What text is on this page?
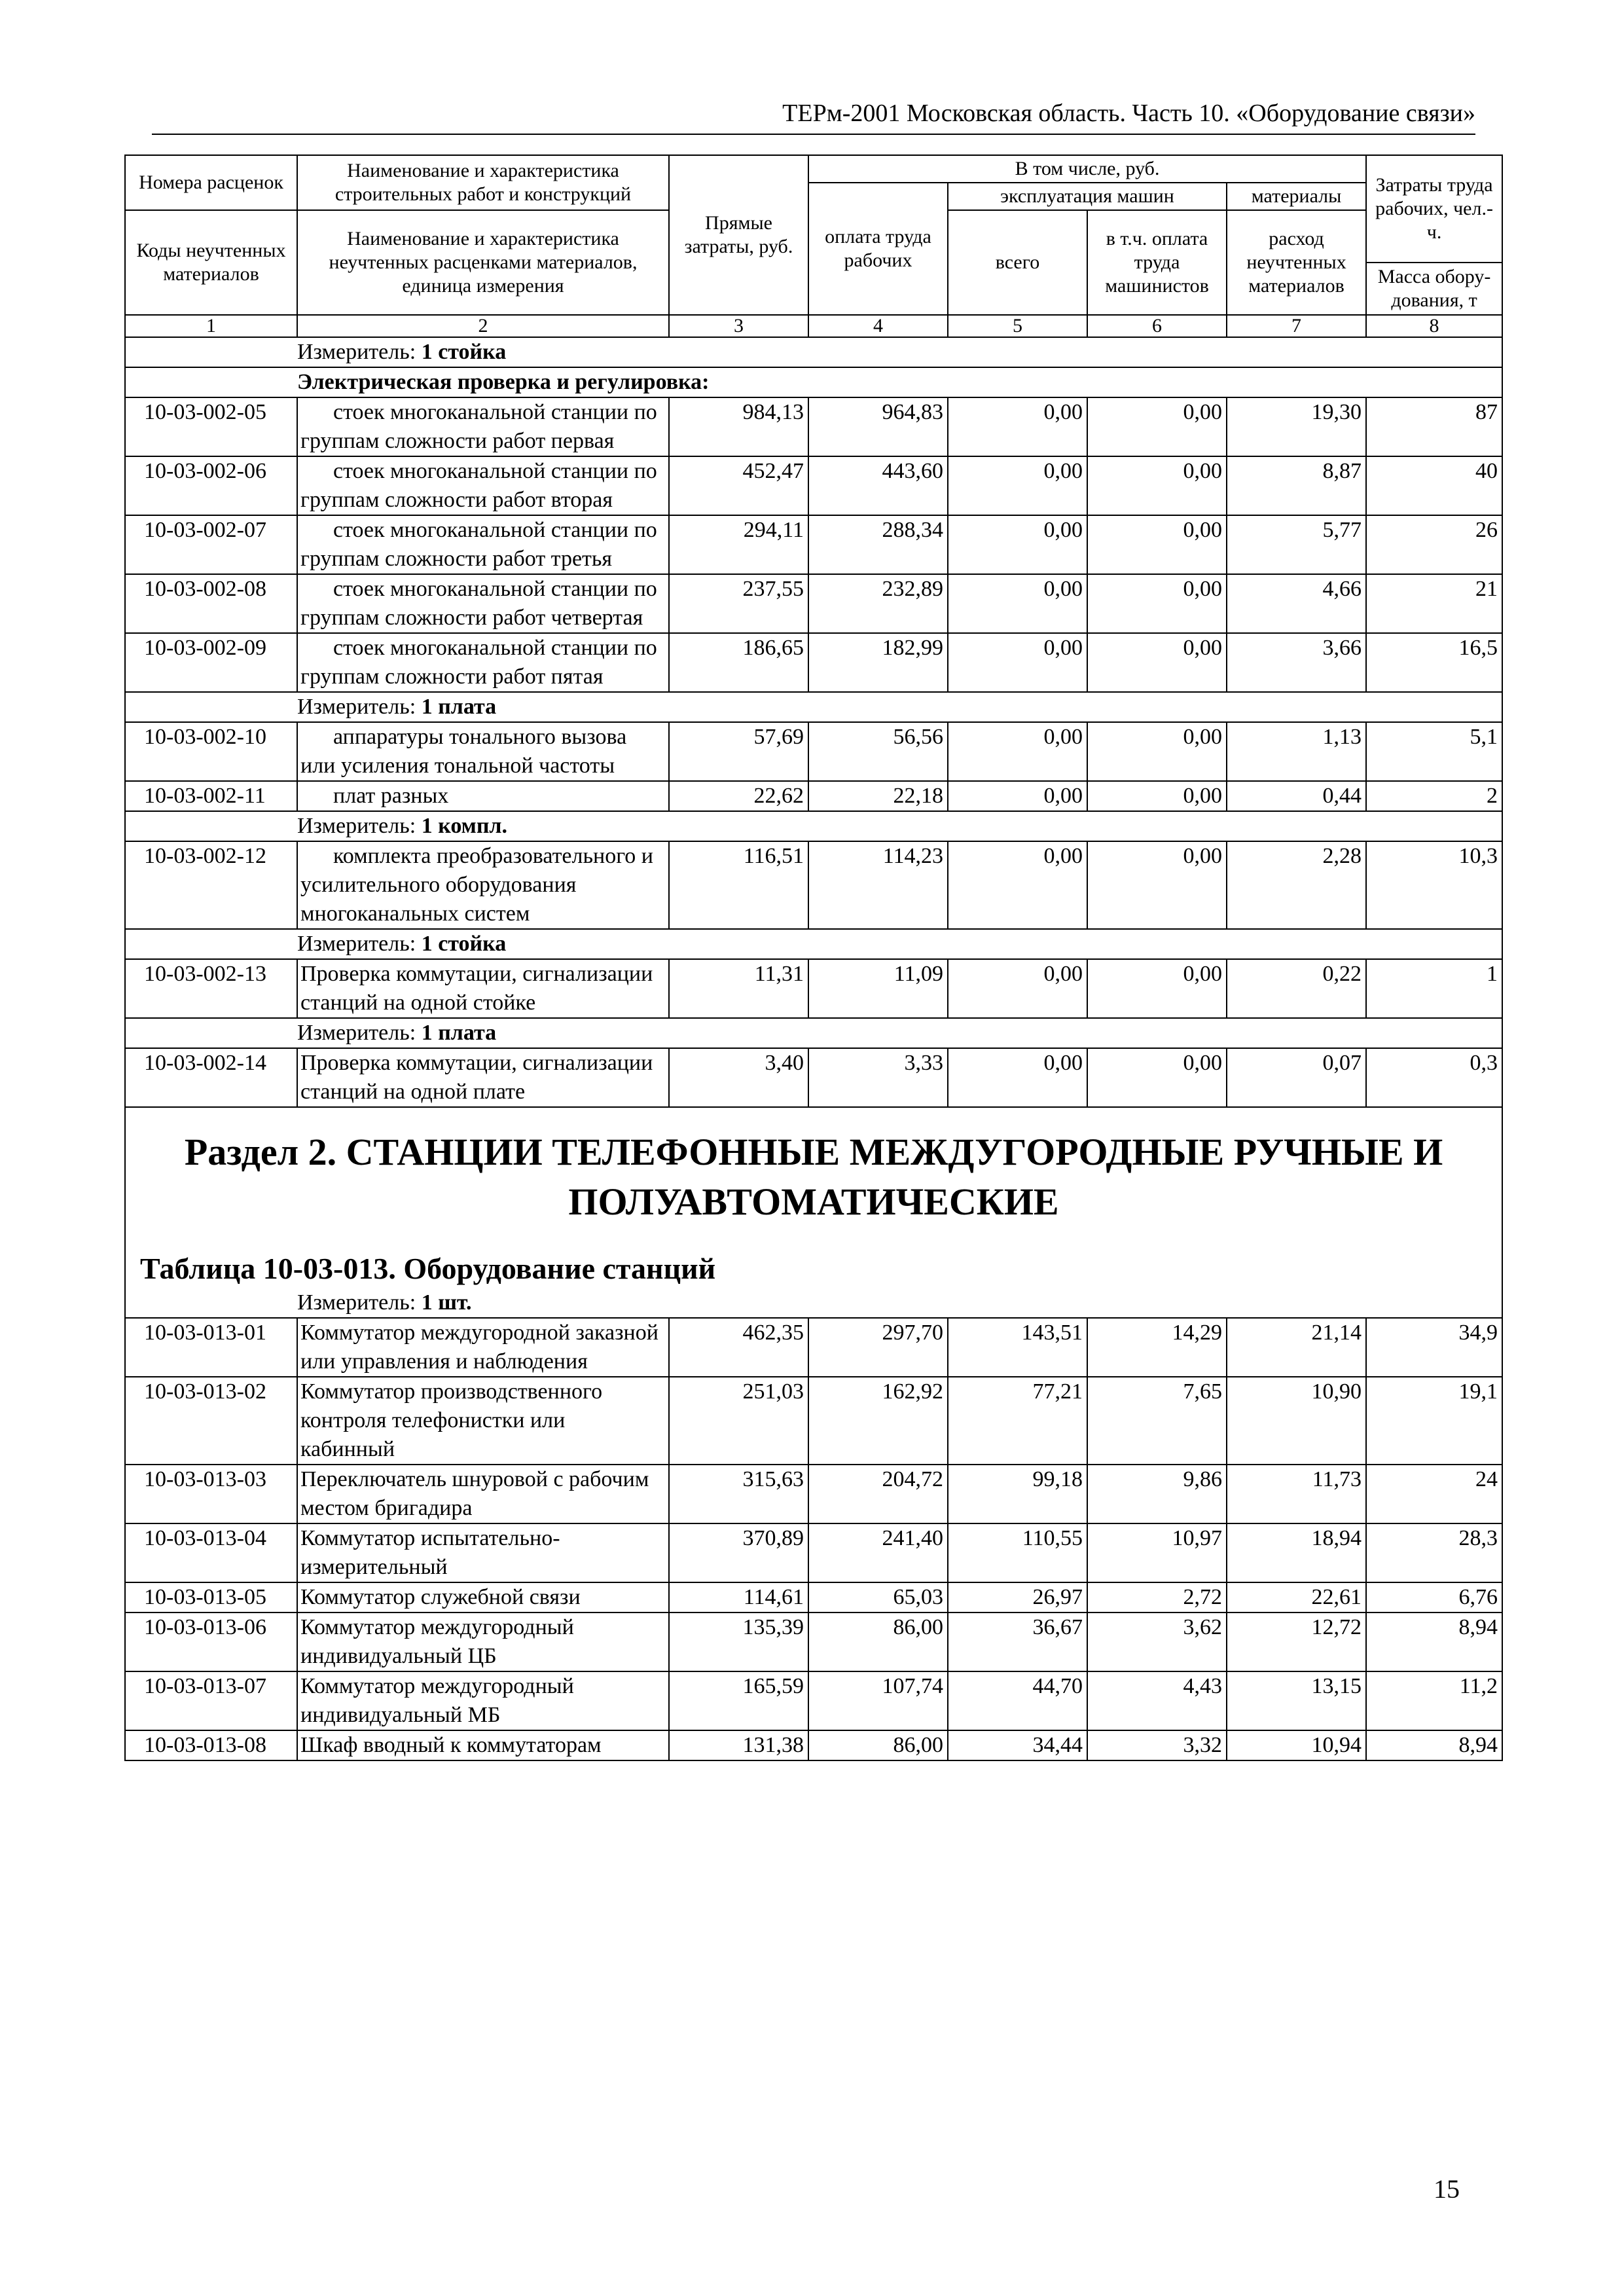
ТЕРм-2001 Московская область. Часть 10. «Оборудование связи»
Номера расценок	Наименование и характеристика строительных работ и конструкций	Прямые затраты, руб.	В том числе, руб.				Затраты труда рабочих, чел.-ч.
			оплата труда рабочих	эксплуатация машин		материалы	
Коды неучтенных материалов	Наименование и характеристика неучтенных расценками материалов, единица измерения			всего	в т.ч. оплата труда машинистов	расход неучтенных материалов	
							Масса обору-дования, т
1	2	3	4	5	6	7	8
Измеритель: 1 стойка							
Электрическая проверка и регулировка:							
10-03-002-05	стоек многоканальной станции по группам сложности работ первая	984,13	964,83	0,00	0,00	19,30	87
10-03-002-06	стоек многоканальной станции по группам сложности работ вторая	452,47	443,60	0,00	0,00	8,87	40
10-03-002-07	стоек многоканальной станции по группам сложности работ третья	294,11	288,34	0,00	0,00	5,77	26
10-03-002-08	стоек многоканальной станции по группам сложности работ четвертая	237,55	232,89	0,00	0,00	4,66	21
10-03-002-09	стоек многоканальной станции по группам сложности работ пятая	186,65	182,99	0,00	0,00	3,66	16,5
Измеритель: 1 плата							
10-03-002-10	аппаратуры тонального вызова или усиления тональной частоты	57,69	56,56	0,00	0,00	1,13	5,1
10-03-002-11	плат разных	22,62	22,18	0,00	0,00	0,44	2
Измеритель: 1 компл.							
10-03-002-12	комплекта преобразовательного и усилительного оборудования многоканальных систем	116,51	114,23	0,00	0,00	2,28	10,3
Измеритель: 1 стойка							
10-03-002-13	Проверка коммутации, сигнализации станций на одной стойке	11,31	11,09	0,00	0,00	0,22	1
Измеритель: 1 плата							
10-03-002-14	Проверка коммутации, сигнализации станций на одной плате	3,40	3,33	0,00	0,00	0,07	0,3

Раздел 2. СТАНЦИИ ТЕЛЕФОННЫЕ МЕЖДУГОРОДНЫЕ РУЧНЫЕ И ПОЛУАВТОМАТИЧЕСКИЕ
Таблица 10-03-013. Оборудование станций							

Измеритель: 1 шт.							
10-03-013-01	Коммутатор междугородной заказной или управления и наблюдения	462,35	297,70	143,51	14,29	21,14	34,9
10-03-013-02	Коммутатор производственного контроля телефонистки или кабинный	251,03	162,92	77,21	7,65	10,90	19,1
10-03-013-03	Переключатель шнуровой с рабочим местом бригадира	315,63	204,72	99,18	9,86	11,73	24
10-03-013-04	Коммутатор испытательно-измерительный	370,89	241,40	110,55	10,97	18,94	28,3
10-03-013-05	Коммутатор служебной связи	114,61	65,03	26,97	2,72	22,61	6,76
10-03-013-06	Коммутатор междугородный индивидуальный ЦБ	135,39	86,00	36,67	3,62	12,72	8,94
10-03-013-07	Коммутатор междугородный индивидуальный МБ	165,59	107,74	44,70	4,43	13,15	11,2
10-03-013-08	Шкаф вводный к коммутаторам	131,38	86,00	34,44	3,32	10,94	8,94
15
